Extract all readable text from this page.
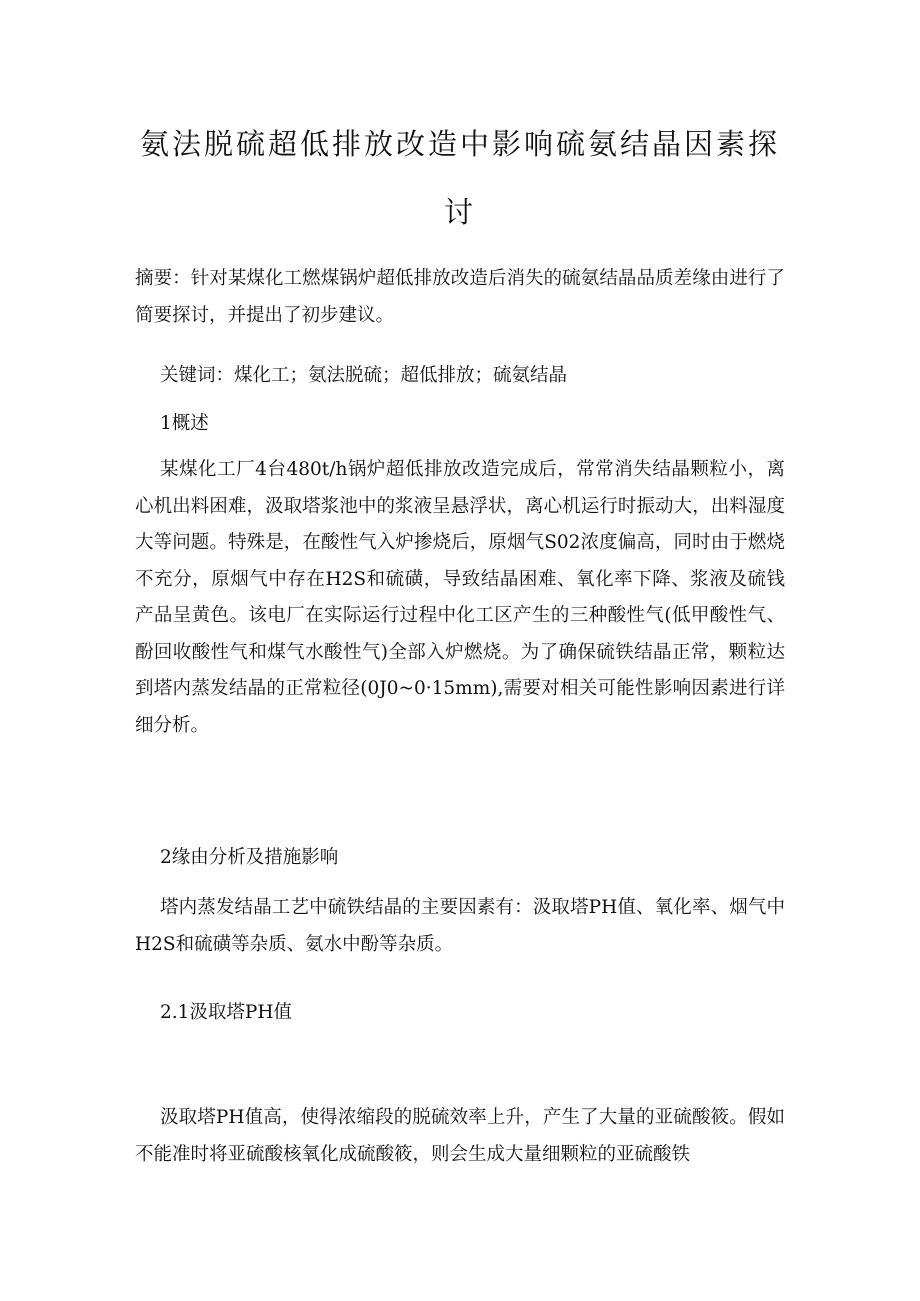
氨法脱硫超低排放改造中影响硫氨结晶因素探
讨

摘要：针对某煤化工燃煤锅炉超低排放改造后消失的硫氨结晶品质差缘由进行了简要探讨，并提出了初步建议。

关键词：煤化工；氨法脱硫；超低排放；硫氨结晶

1概述

某煤化工厂4台480t∕h锅炉超低排放改造完成后，常常消失结晶颗粒小，离心机出料困难，汲取塔浆池中的浆液呈悬浮状，离心机运行时振动大，出料湿度大等问题。特殊是，在酸性气入炉掺烧后，原烟气S02浓度偏高，同时由于燃烧不充分，原烟气中存在H2S和硫磺，导致结晶困难、氧化率下降、浆液及硫钱产品呈黄色。该电厂在实际运行过程中化工区产生的三种酸性气(低甲酸性气、酚回收酸性气和煤气水酸性气)全部入炉燃烧。为了确保硫铁结晶正常，颗粒达到塔内蒸发结晶的正常粒径(0J0~0·15mm),需要对相关可能性影响因素进行详细分析。

2缘由分析及措施影响

塔内蒸发结晶工艺中硫铁结晶的主要因素有：汲取塔PH值、氧化率、烟气中H2S和硫磺等杂质、氨水中酚等杂质。

2.1汲取塔PH值

汲取塔PH值高，使得浓缩段的脱硫效率上升，产生了大量的亚硫酸筱。假如不能准时将亚硫酸核氧化成硫酸筱，则会生成大量细颗粒的亚硫酸铁
